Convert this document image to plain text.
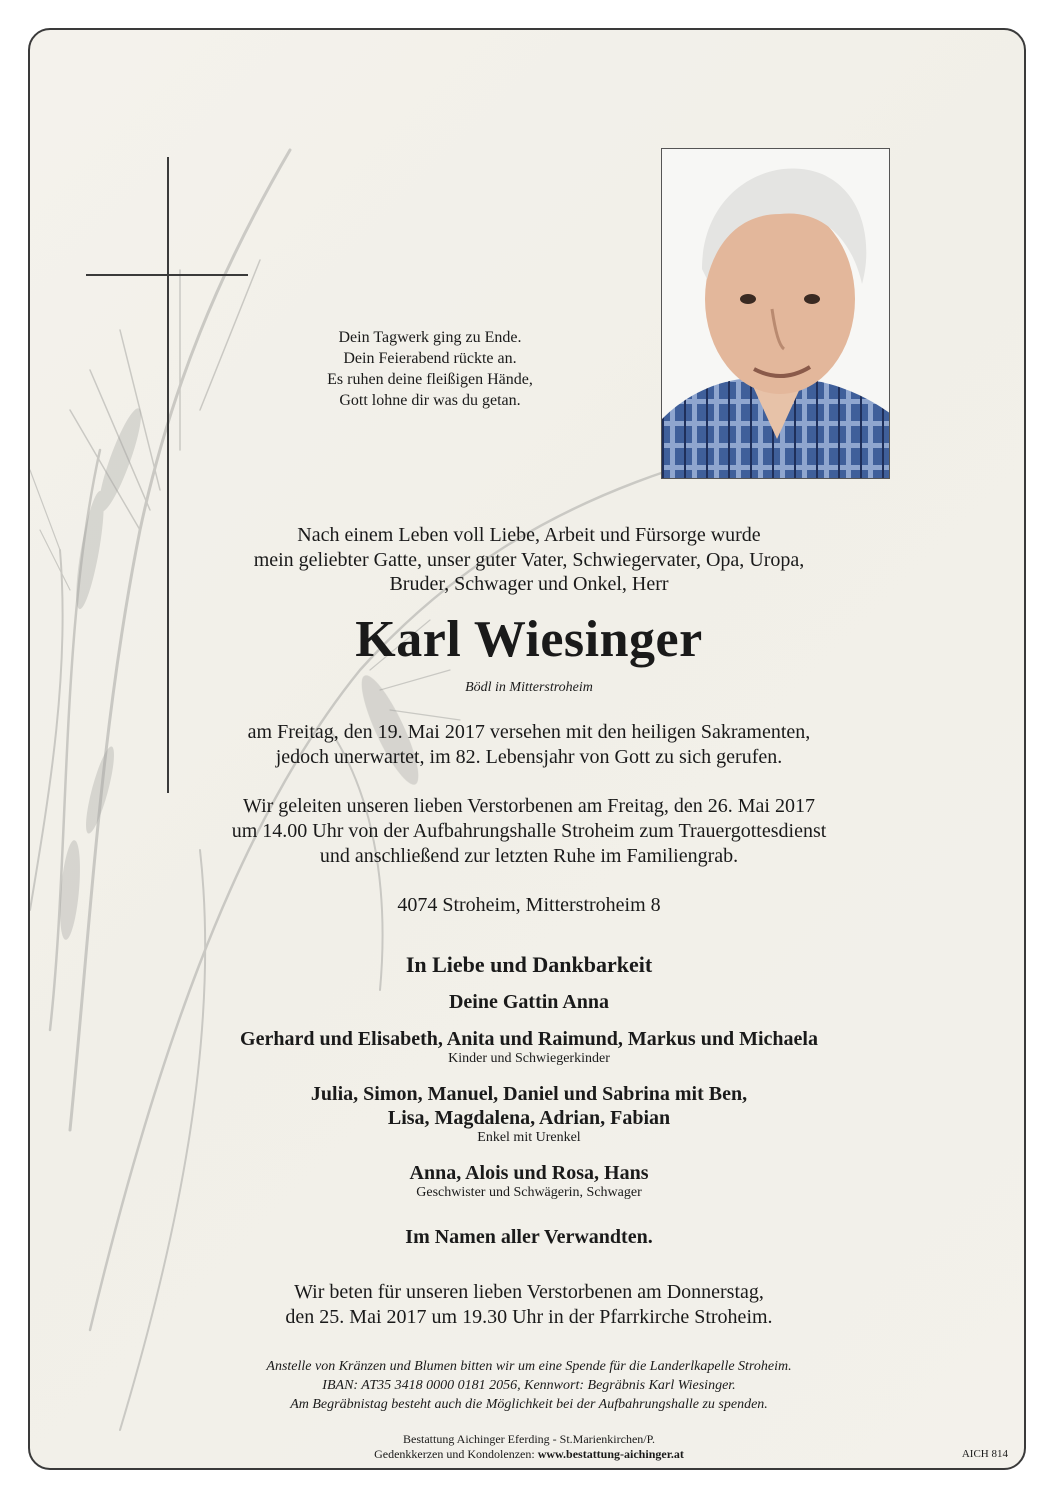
Dein Tagwerk ging zu Ende.
Dein Feierabend rückte an.
Es ruhen deine fleißigen Hände,
Gott lohne dir was du getan.
Nach einem Leben voll Liebe, Arbeit und Fürsorge wurde
mein geliebter Gatte, unser guter Vater, Schwiegervater, Opa, Uropa,
Bruder, Schwager und Onkel, Herr
Karl Wiesinger
Bödl in Mitterstroheim
am Freitag, den 19. Mai 2017 versehen mit den heiligen Sakramenten,
jedoch unerwartet, im 82. Lebensjahr von Gott zu sich gerufen.
Wir geleiten unseren lieben Verstorbenen am Freitag, den 26. Mai 2017
um 14.00 Uhr von der Aufbahrungshalle Stroheim zum Trauergottesdienst
und anschließend zur letzten Ruhe im Familiengrab.
4074 Stroheim, Mitterstroheim 8
In Liebe und Dankbarkeit
Deine Gattin Anna
Gerhard und Elisabeth, Anita und Raimund, Markus und Michaela
Kinder und Schwiegerkinder
Julia, Simon, Manuel, Daniel und Sabrina mit Ben,
Lisa, Magdalena, Adrian, Fabian
Enkel mit Urenkel
Anna, Alois und Rosa, Hans
Geschwister und Schwägerin, Schwager
Im Namen aller Verwandten.
Wir beten für unseren lieben Verstorbenen am Donnerstag,
den 25. Mai 2017 um 19.30 Uhr in der Pfarrkirche Stroheim.
Anstelle von Kränzen und Blumen bitten wir um eine Spende für die Landerlkapelle Stroheim.
IBAN: AT35 3418 0000 0181 2056, Kennwort: Begräbnis Karl Wiesinger.
Am Begräbnistag besteht auch die Möglichkeit bei der Aufbahrungshalle zu spenden.
Bestattung Aichinger Eferding - St.Marienkirchen/P.
Gedenkkerzen und Kondolenzen: www.bestattung-aichinger.at	AICH 814
